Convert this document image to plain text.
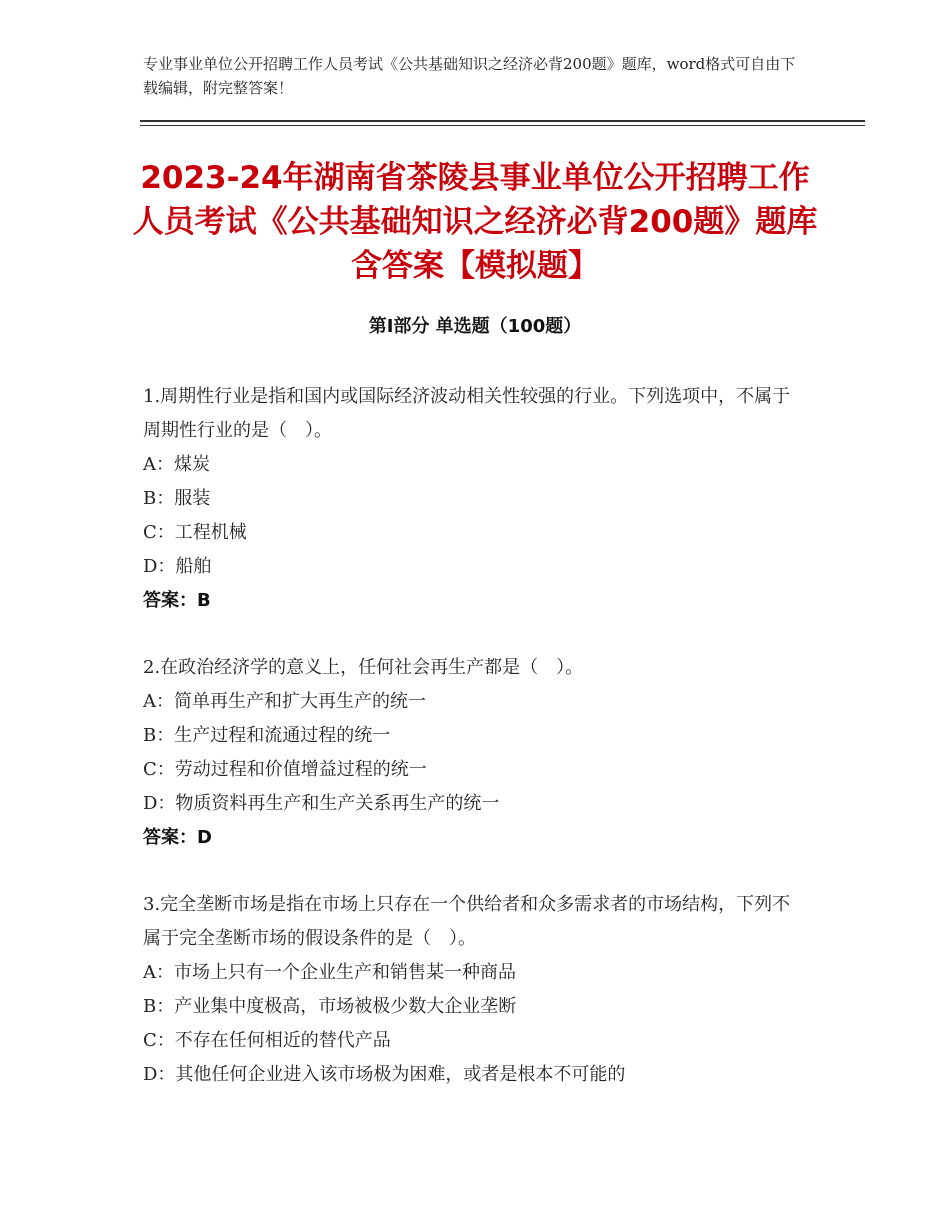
专业事业单位公开招聘工作人员考试《公共基础知识之经济必背200题》题库，word格式可自由下载编辑，附完整答案！
2023-24年湖南省茶陵县事业单位公开招聘工作人员考试《公共基础知识之经济必背200题》题库含答案【模拟题】
第Ⅰ部分 单选题（100题）

1.周期性行业是指和国内或国际经济波动相关性较强的行业。下列选项中，不属于周期性行业的是（　）。

A：煤炭

B：服装

C：工程机械

D：船舶

答案：B

2.在政治经济学的意义上，任何社会再生产都是（　）。

A：简单再生产和扩大再生产的统一

B：生产过程和流通过程的统一

C：劳动过程和价值增益过程的统一

D：物质资料再生产和生产关系再生产的统一

答案：D

3.完全垄断市场是指在市场上只存在一个供给者和众多需求者的市场结构，下列不属于完全垄断市场的假设条件的是（　）。

A：市场上只有一个企业生产和销售某一种商品

B：产业集中度极高，市场被极少数大企业垄断

C：不存在任何相近的替代产品

D：其他任何企业进入该市场极为困难，或者是根本不可能的
